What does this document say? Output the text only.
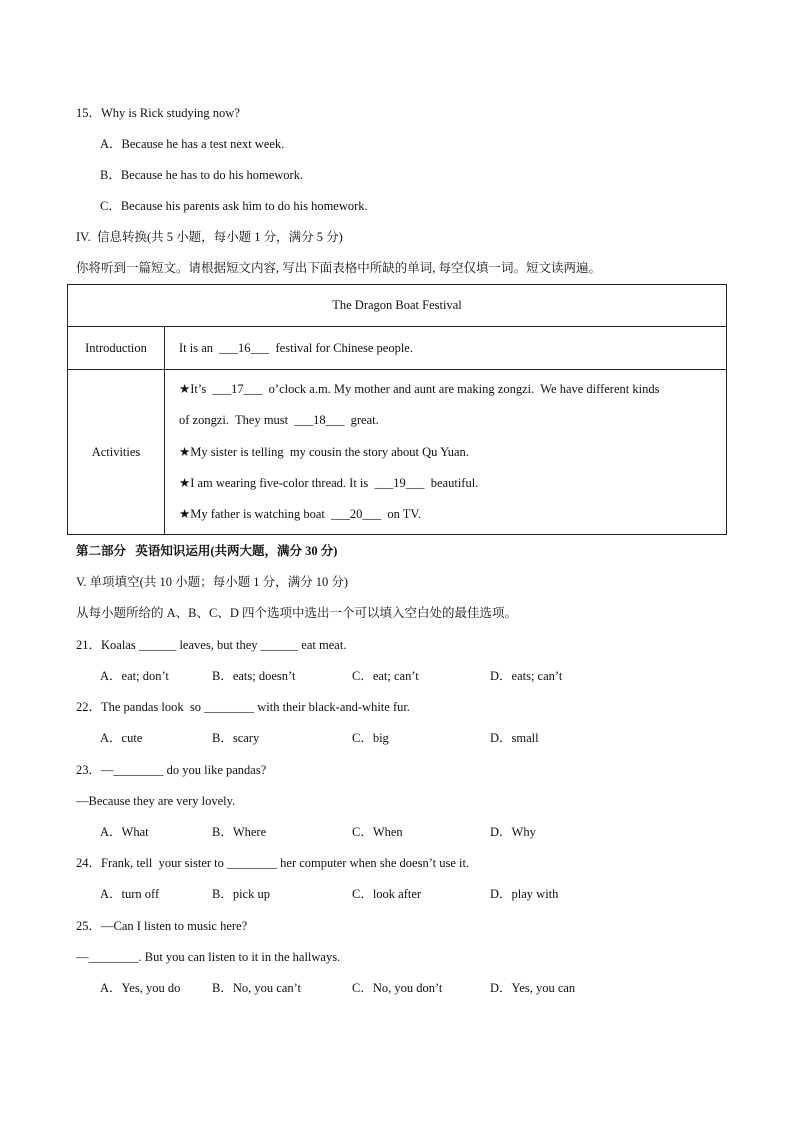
15．Why is Rick studying now?
A．Because he has a test next week.
B．Because he has to do his homework.
C．Because his parents ask him to do his homework.
IV.  信息转换(共 5 小题，每小题 1 分，满分 5 分)
你将听到一篇短文。请根据短文内容, 写出下面表格中所缺的单词, 每空仅填一词。短文读两遍。
The Dragon Boat Festival	
Introduction	It is an  ___16___  festival for Chinese people.
Activities	★It’s  ___17___  o’clock a.m. My mother and aunt are making zongzi.  We have different kinds
of zongzi.  They must  ___18___  great.
★My sister is telling  my cousin the story about Qu Yuan.
★I am wearing five-color thread. It is  ___19___  beautiful.
★My father is watching boat  ___20___  on TV.
第二部分   英语知识运用(共两大题，满分 30 分)
V. 单项填空(共 10 小题；每小题 1 分，满分 10 分)
从每小题所给的 A、B、C、D 四个选项中选出一个可以填入空白处的最佳选项。
21．Koalas ______ leaves, but they ______ eat meat.
A．eat; don’t	B．eats; doesn’t	C．eat; can’t	D．eats; can’t
22．The pandas look  so ________ with their black-and-white fur.
A．cute	B．scary	C．big	D．small
23．—________ do you like pandas?
—Because they are very lovely.
A．What	B．Where	C．When	D．Why
24．Frank, tell  your sister to ________ her computer when she doesn’t use it.
A．turn off	B．pick up	C．look after	D．play with
25．—Can I listen to music here?
—________. But you can listen to it in the hallways.
A．Yes, you do	B．No, you can’t	C．No, you don’t	D．Yes, you can
